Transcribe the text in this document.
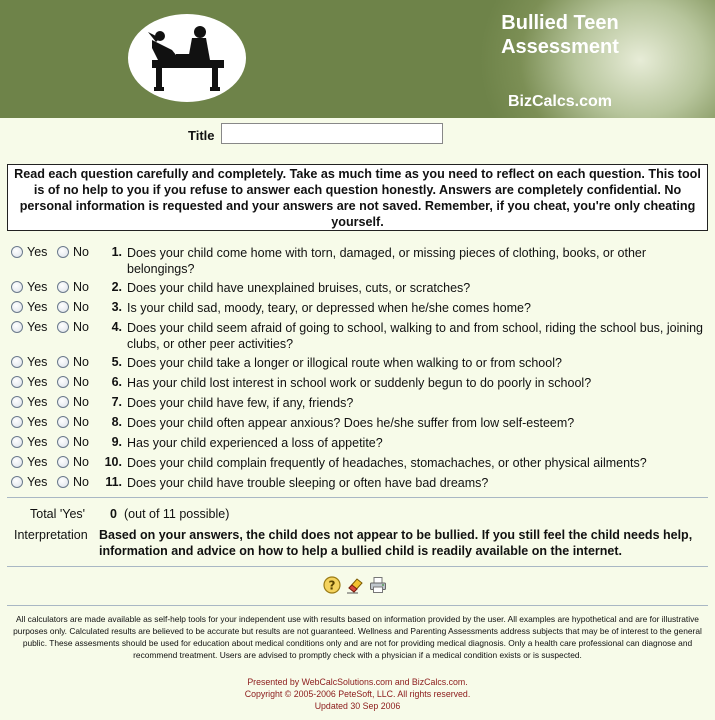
Bullied Teen Assessment
BizCalcs.com
Title
Read each question carefully and completely. Take as much time as you need to reflect on each question. This tool is of no help to you if you refuse to answer each question honestly. Answers are completely confidential. No personal information is requested and your answers are not saved. Remember, if you cheat, you're only cheating yourself.
Yes No	1. Does your child come home with torn, damaged, or missing pieces of clothing, books, or other belongings?
Yes No	2. Does your child have unexplained bruises, cuts, or scratches?
Yes No	3. Is your child sad, moody, teary, or depressed when he/she comes home?
Yes No	4. Does your child seem afraid of going to school, walking to and from school, riding the school bus, joining clubs, or other peer activities?
Yes No	5. Does your child take a longer or illogical route when walking to or from school?
Yes No	6. Has your child lost interest in school work or suddenly begun to do poorly in school?
Yes No	7. Does your child have few, if any, friends?
Yes No	8. Does your child often appear anxious? Does he/she suffer from low self-esteem?
Yes No	9. Has your child experienced a loss of appetite?
Yes No	10. Does your child complain frequently of headaches, stomachaches, or other physical ailments?
Yes No	11. Does your child have trouble sleeping or often have bad dreams?
Total 'Yes' 0 (out of 11 possible)
Interpretation Based on your answers, the child does not appear to be bullied. If you still feel the child needs help, information and advice on how to help a bullied child is readily available on the internet.
?
All calculators are made available as self-help tools for your independent use with results based on information provided by the user. All examples are hypothetical and are for illustrative purposes only. Calculated results are believed to be accurate but results are not guaranteed. Wellness and Parenting Assessments address subjects that may be of interest to the general public. These assesments should be used for education about medical conditions only and are not for providing medical diagnosis. Only a health care professional can diagnose and recommend treatment. Users are advised to promptly check with a physician if a medical condition exists or is suspected.
Presented by WebCalcSolutions.com and BizCalcs.com.
Copyright © 2005-2006 PeteSoft, LLC. All rights reserved.
Updated 30 Sep 2006
